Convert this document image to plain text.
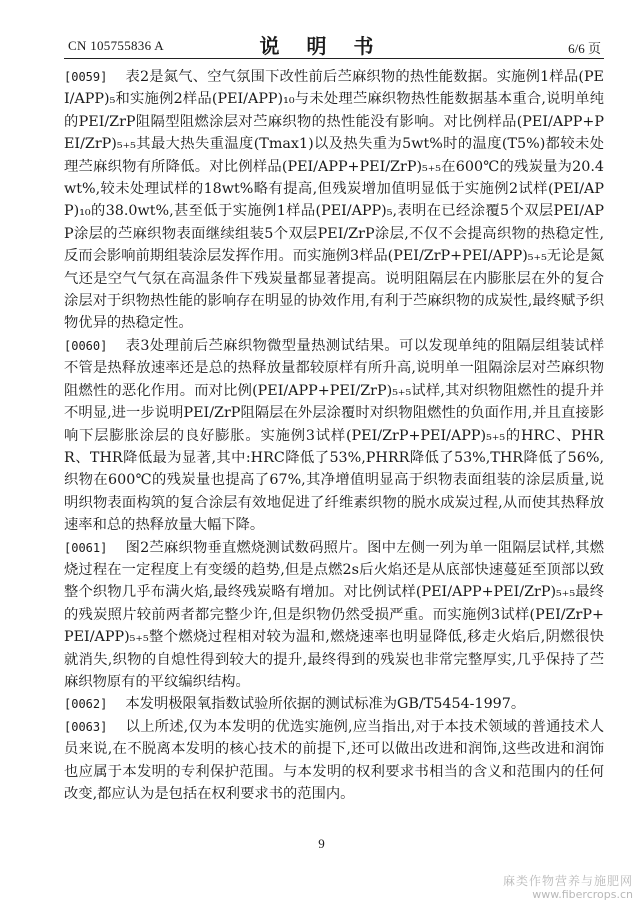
CN 105755836 A	说 明 书	6/6 页

[0059] 表2是氮气、空气氛围下改性前后苎麻织物的热性能数据。实施例1样品(PEI/APP)₅和实施例2样品(PEI/APP)₁₀与未处理苎麻织物热性能数据基本重合,说明单纯的PEI/ZrP阻隔型阻燃涂层对苎麻织物的热性能没有影响。对比例样品(PEI/APP+PEI/ZrP)₅₊₅其最大热失重温度(Tmax1)以及热失重为5wt%时的温度(T5%)都较未处理苎麻织物有所降低。对比例样品(PEI/APP+PEI/ZrP)₅₊₅在600℃的残炭量为20.4wt%,较未处理试样的18wt%略有提高,但残炭增加值明显低于实施例2试样(PEI/APP)₁₀的38.0wt%,甚至低于实施例1样品(PEI/APP)₅,表明在已经涂覆5个双层PEI/APP涂层的苎麻织物表面继续组装5个双层PEI/ZrP涂层,不仅不会提高织物的热稳定性,反而会影响前期组装涂层发挥作用。而实施例3样品(PEI/ZrP+PEI/APP)₅₊₅无论是氮气还是空气气氛在高温条件下残炭量都显著提高。说明阻隔层在内膨胀层在外的复合涂层对于织物热性能的影响存在明显的协效作用,有利于苎麻织物的成炭性,最终赋予织物优异的热稳定性。

[0060] 表3处理前后苎麻织物微型量热测试结果。可以发现单纯的阻隔层组装试样不管是热释放速率还是总的热释放量都较原样有所升高,说明单一阻隔涂层对苎麻织物阻燃性的恶化作用。而对比例(PEI/APP+PEI/ZrP)₅₊₅试样,其对织物阻燃性的提升并不明显,进一步说明PEI/ZrP阻隔层在外层涂覆时对织物阻燃性的负面作用,并且直接影响下层膨胀涂层的良好膨胀。实施例3试样(PEI/ZrP+PEI/APP)₅₊₅的HRC、PHRR、THR降低最为显著,其中:HRC降低了53%,PHRR降低了53%,THR降低了56%,织物在600℃的残炭量也提高了67%,其净增值明显高于织物表面组装的涂层质量,说明织物表面构筑的复合涂层有效地促进了纤维素织物的脱水成炭过程,从而使其热释放速率和总的热释放量大幅下降。

[0061] 图2苎麻织物垂直燃烧测试数码照片。图中左侧一列为单一阻隔层试样,其燃烧过程在一定程度上有变缓的趋势,但是点燃2s后火焰还是从底部快速蔓延至顶部以致整个织物几乎布满火焰,最终残炭略有增加。对比例试样(PEI/APP+PEI/ZrP)₅₊₅最终的残炭照片较前两者都完整少许,但是织物仍然受损严重。而实施例3试样(PEI/ZrP+PEI/APP)₅₊₅整个燃烧过程相对较为温和,燃烧速率也明显降低,移走火焰后,阴燃很快就消失,织物的自熄性得到较大的提升,最终得到的残炭也非常完整厚实,几乎保持了苎麻织物原有的平纹编织结构。

[0062] 本发明极限氧指数试验所依据的测试标准为GB/T5454-1997。

[0063] 以上所述,仅为本发明的优选实施例,应当指出,对于本技术领域的普通技术人员来说,在不脱离本发明的核心技术的前提下,还可以做出改进和润饰,这些改进和润饰也应属于本发明的专利保护范围。与本发明的权利要求书相当的含义和范围内的任何改变,都应认为是包括在权利要求书的范围内。

9
麻类作物营养与施肥网
www.fibercrops.cn
